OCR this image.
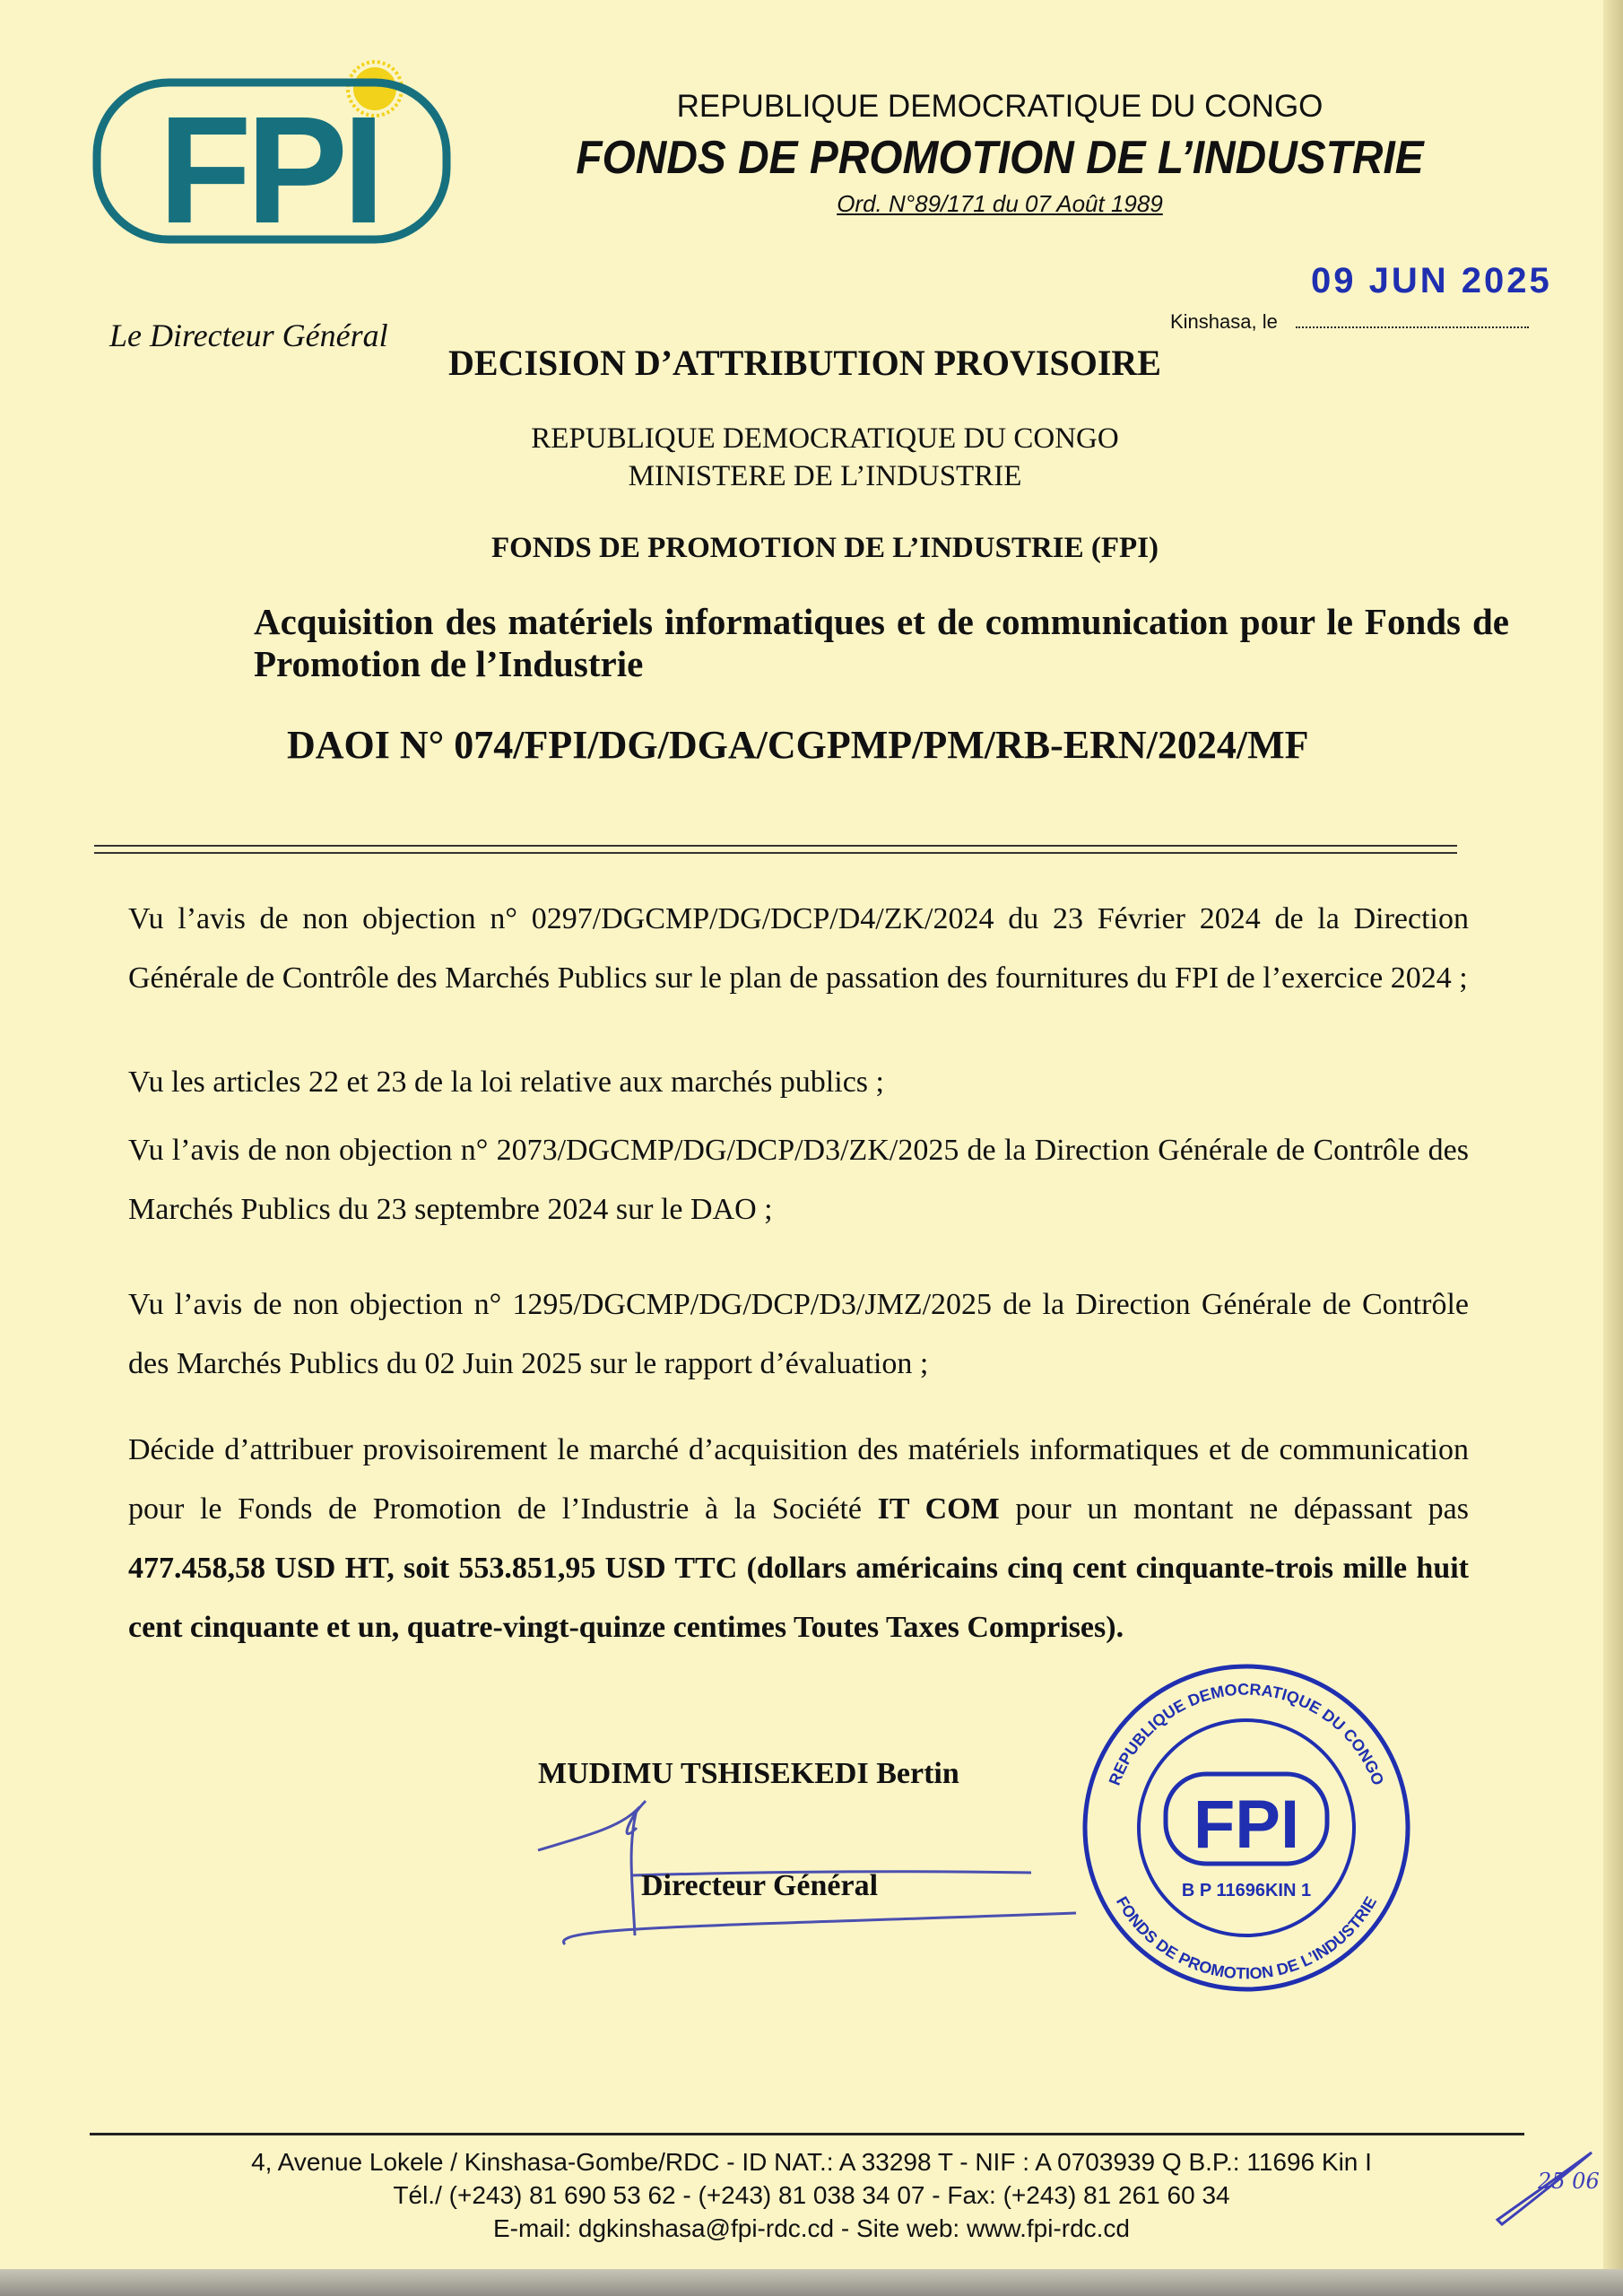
FPI	REPUBLIQUE DEMOCRATIQUE DU CONGO
FONDS DE PROMOTION DE L’INDUSTRIE
Ord. N°89/171 du 07 Août 1989
09 JUN 2025
Kinshasa, le
Le Directeur Général
DECISION D’ATTRIBUTION PROVISOIRE
REPUBLIQUE DEMOCRATIQUE DU CONGO
MINISTERE DE L’INDUSTRIE
FONDS DE PROMOTION DE L’INDUSTRIE (FPI)
Acquisition des matériels informatiques et de communication pour le Fonds de Promotion de l’Industrie
DAOI N° 074/FPI/DG/DGA/CGPMP/PM/RB-ERN/2024/MF
Vu l’avis de non objection n° 0297/DGCMP/DG/DCP/D4/ZK/2024 du 23 Février 2024 de la Direction Générale de Contrôle des Marchés Publics sur le plan de passation des fournitures du FPI de l’exercice 2024 ;
Vu les articles 22 et 23 de la loi relative aux marchés publics ;
Vu l’avis de non objection n° 2073/DGCMP/DG/DCP/D3/ZK/2025 de la Direction Générale de Contrôle des Marchés Publics du 23 septembre 2024 sur le DAO ;
Vu l’avis de non objection n° 1295/DGCMP/DG/DCP/D3/JMZ/2025 de la Direction Générale de Contrôle des Marchés Publics du 02 Juin 2025 sur le rapport d’évaluation ;
Décide d’attribuer provisoirement le marché d’acquisition des matériels informatiques et de communication pour le Fonds de Promotion de l’Industrie à la Société IT COM pour un montant ne dépassant pas 477.458,58 USD HT, soit 553.851,95 USD TTC (dollars américains cinq cent cinquante-trois mille huit cent cinquante et un, quatre-vingt-quinze centimes Toutes Taxes Comprises).
MUDIMU TSHISEKEDI Bertin
Directeur Général
REPUBLIQUE DEMOCRATIQUE DU CONGO
FONDS DE PROMOTION DE L’INDUSTRIE
FPI
B P 11696KIN 1
4, Avenue Lokele / Kinshasa-Gombe/RDC - ID NAT.: A 33298 T - NIF : A 0703939 Q B.P.: 11696 Kin I
Tél./ (+243) 81 690 53 62 - (+243) 81 038 34 07 - Fax: (+243) 81 261 60 34
E-mail: dgkinshasa@fpi-rdc.cd - Site web: www.fpi-rdc.cd
25 06
